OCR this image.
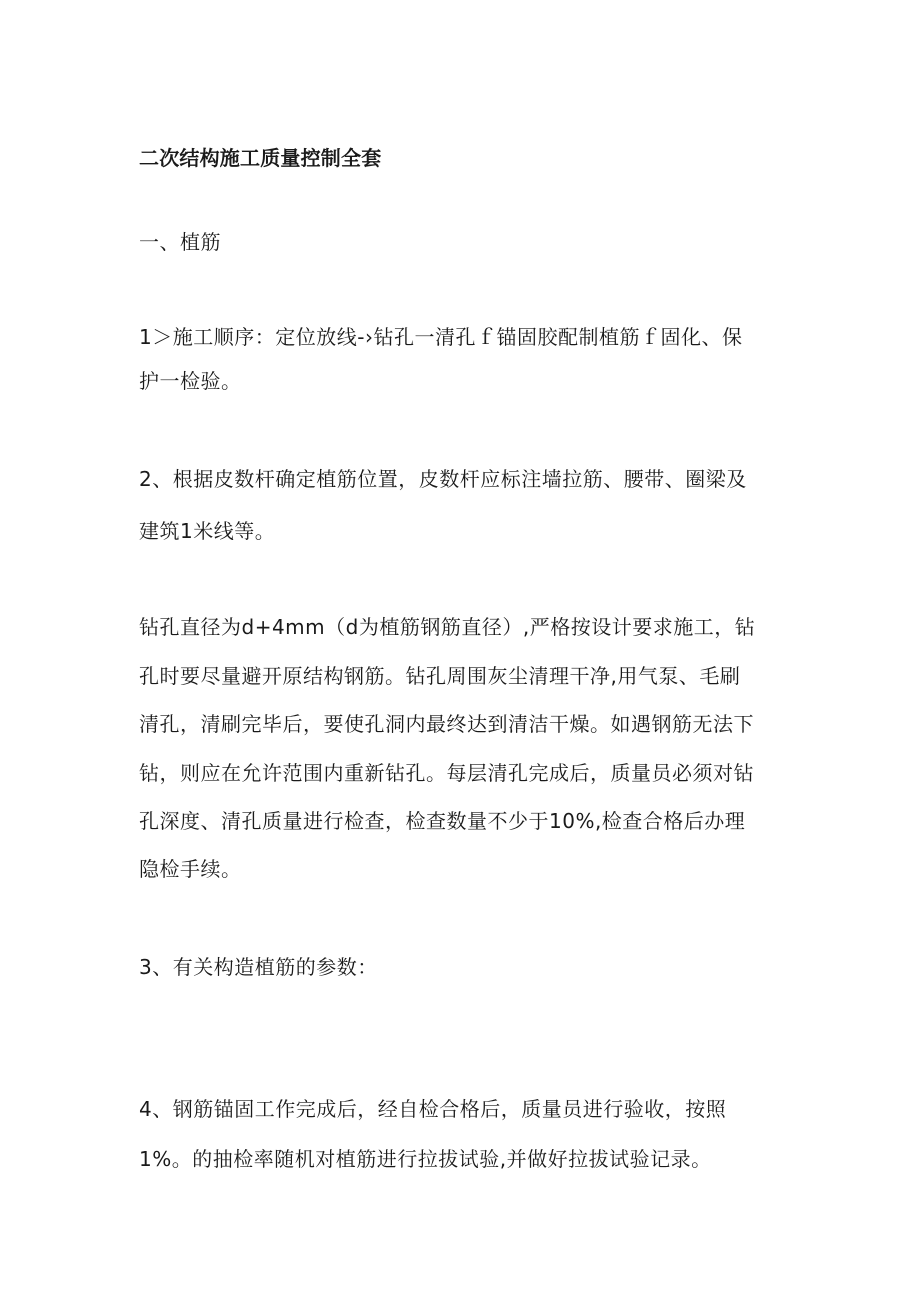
二次结构施工质量控制全套
一、植筋
1＞施工顺序：定位放线-›钻孔一清孔ｆ锚固胶配制植筋ｆ固化、保
护一检验。
2、根据皮数杆确定植筋位置，皮数杆应标注墙拉筋、腰带、圈梁及
建筑1米线等。
钻孔直径为d+4mm（d为植筋钢筋直径）,严格按设计要求施工，钻
孔时要尽量避开原结构钢筋。钻孔周围灰尘清理干净,用气泵、毛刷
清孔，清刷完毕后，要使孔洞内最终达到清洁干燥。如遇钢筋无法下
钻，则应在允许范围内重新钻孔。每层清孔完成后，质量员必须对钻
孔深度、清孔质量进行检查，检查数量不少于10%,检查合格后办理
隐检手续。
3、有关构造植筋的参数：
4、钢筋锚固工作完成后，经自检合格后，质量员进行验收，按照
1%。的抽检率随机对植筋进行拉拔试验,并做好拉拔试验记录。
